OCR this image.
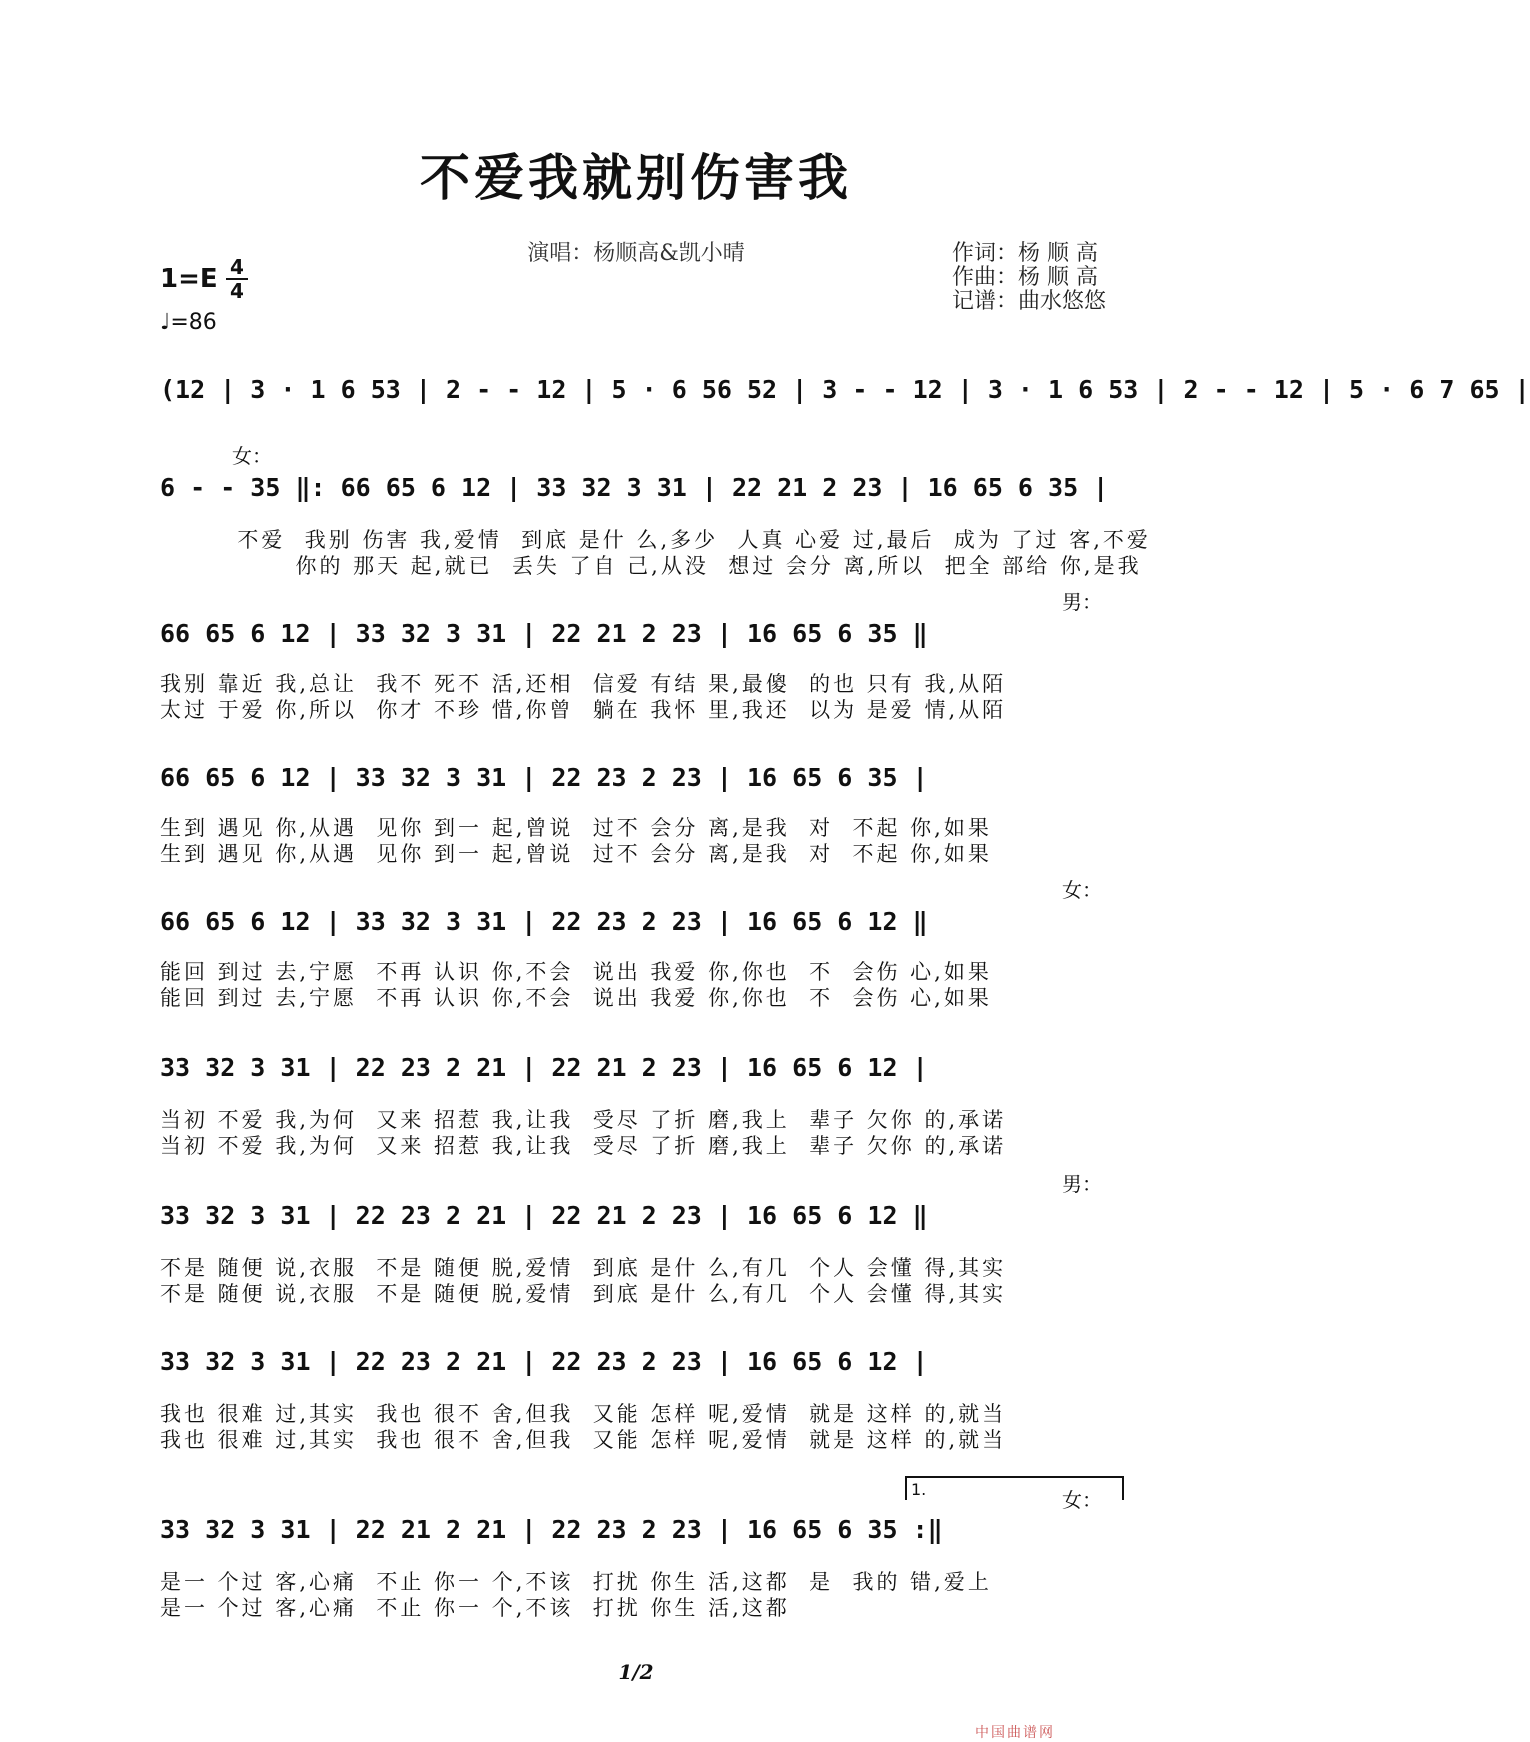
不爱我就别伤害我
演唱：杨顺高&凯小晴
1=E 4
4
♩=86
作词：杨 顺 高
作曲：杨 顺 高
记谱：曲水悠悠
(12 | 3 · 1 6 53 | 2 - - 12 | 5 · 6 56 52 | 3 - - 12 | 3 · 1 6 53 | 2 - - 12 | 5 · 6 7 65 |
女：
6 - - 35 ‖: 66 65 6 12 | 33 32 3 31 | 22 21 2 23 | 16 65 6 35 |
不爱  我别 伤害 我,爱情  到底 是什 么,多少  人真 心爱 过,最后  成为 了过 客,不爱
你的 那天 起,就已  丢失 了自 己,从没  想过 会分 离,所以  把全 部给 你,是我
男：
66 65 6 12 | 33 32 3 31 | 22 21 2 23 | 16 65 6 35 ‖
我别 靠近 我,总让  我不 死不 活,还相  信爱 有结 果,最傻  的也 只有 我,从陌
太过 于爱 你,所以  你才 不珍 惜,你曾  躺在 我怀 里,我还  以为 是爱 情,从陌
66 65 6 12 | 33 32 3 31 | 22 23 2 23 | 16 65 6 35 |
生到 遇见 你,从遇  见你 到一 起,曾说  过不 会分 离,是我  对  不起 你,如果
生到 遇见 你,从遇  见你 到一 起,曾说  过不 会分 离,是我  对  不起 你,如果
女：
66 65 6 12 | 33 32 3 31 | 22 23 2 23 | 16 65 6 12 ‖
能回 到过 去,宁愿  不再 认识 你,不会  说出 我爱 你,你也  不  会伤 心,如果
能回 到过 去,宁愿  不再 认识 你,不会  说出 我爱 你,你也  不  会伤 心,如果
33 32 3 31 | 22 23 2 21 | 22 21 2 23 | 16 65 6 12 |
当初 不爱 我,为何  又来 招惹 我,让我  受尽 了折 磨,我上  辈子 欠你 的,承诺
当初 不爱 我,为何  又来 招惹 我,让我  受尽 了折 磨,我上  辈子 欠你 的,承诺
男：
33 32 3 31 | 22 23 2 21 | 22 21 2 23 | 16 65 6 12 ‖
不是 随便 说,衣服  不是 随便 脱,爱情  到底 是什 么,有几  个人 会懂 得,其实
不是 随便 说,衣服  不是 随便 脱,爱情  到底 是什 么,有几  个人 会懂 得,其实
33 32 3 31 | 22 23 2 21 | 22 23 2 23 | 16 65 6 12 |
我也 很难 过,其实  我也 很不 舍,但我  又能 怎样 呢,爱情  就是 这样 的,就当
我也 很难 过,其实  我也 很不 舍,但我  又能 怎样 呢,爱情  就是 这样 的,就当
1.	女：
33 32 3 31 | 22 21 2 21 | 22 23 2 23 | 16 65 6 35 :‖
是一 个过 客,心痛  不止 你一 个,不该  打扰 你生 活,这都  是  我的 错,爱上
是一 个过 客,心痛  不止 你一 个,不该  打扰 你生 活,这都
1/2
中国曲谱网
